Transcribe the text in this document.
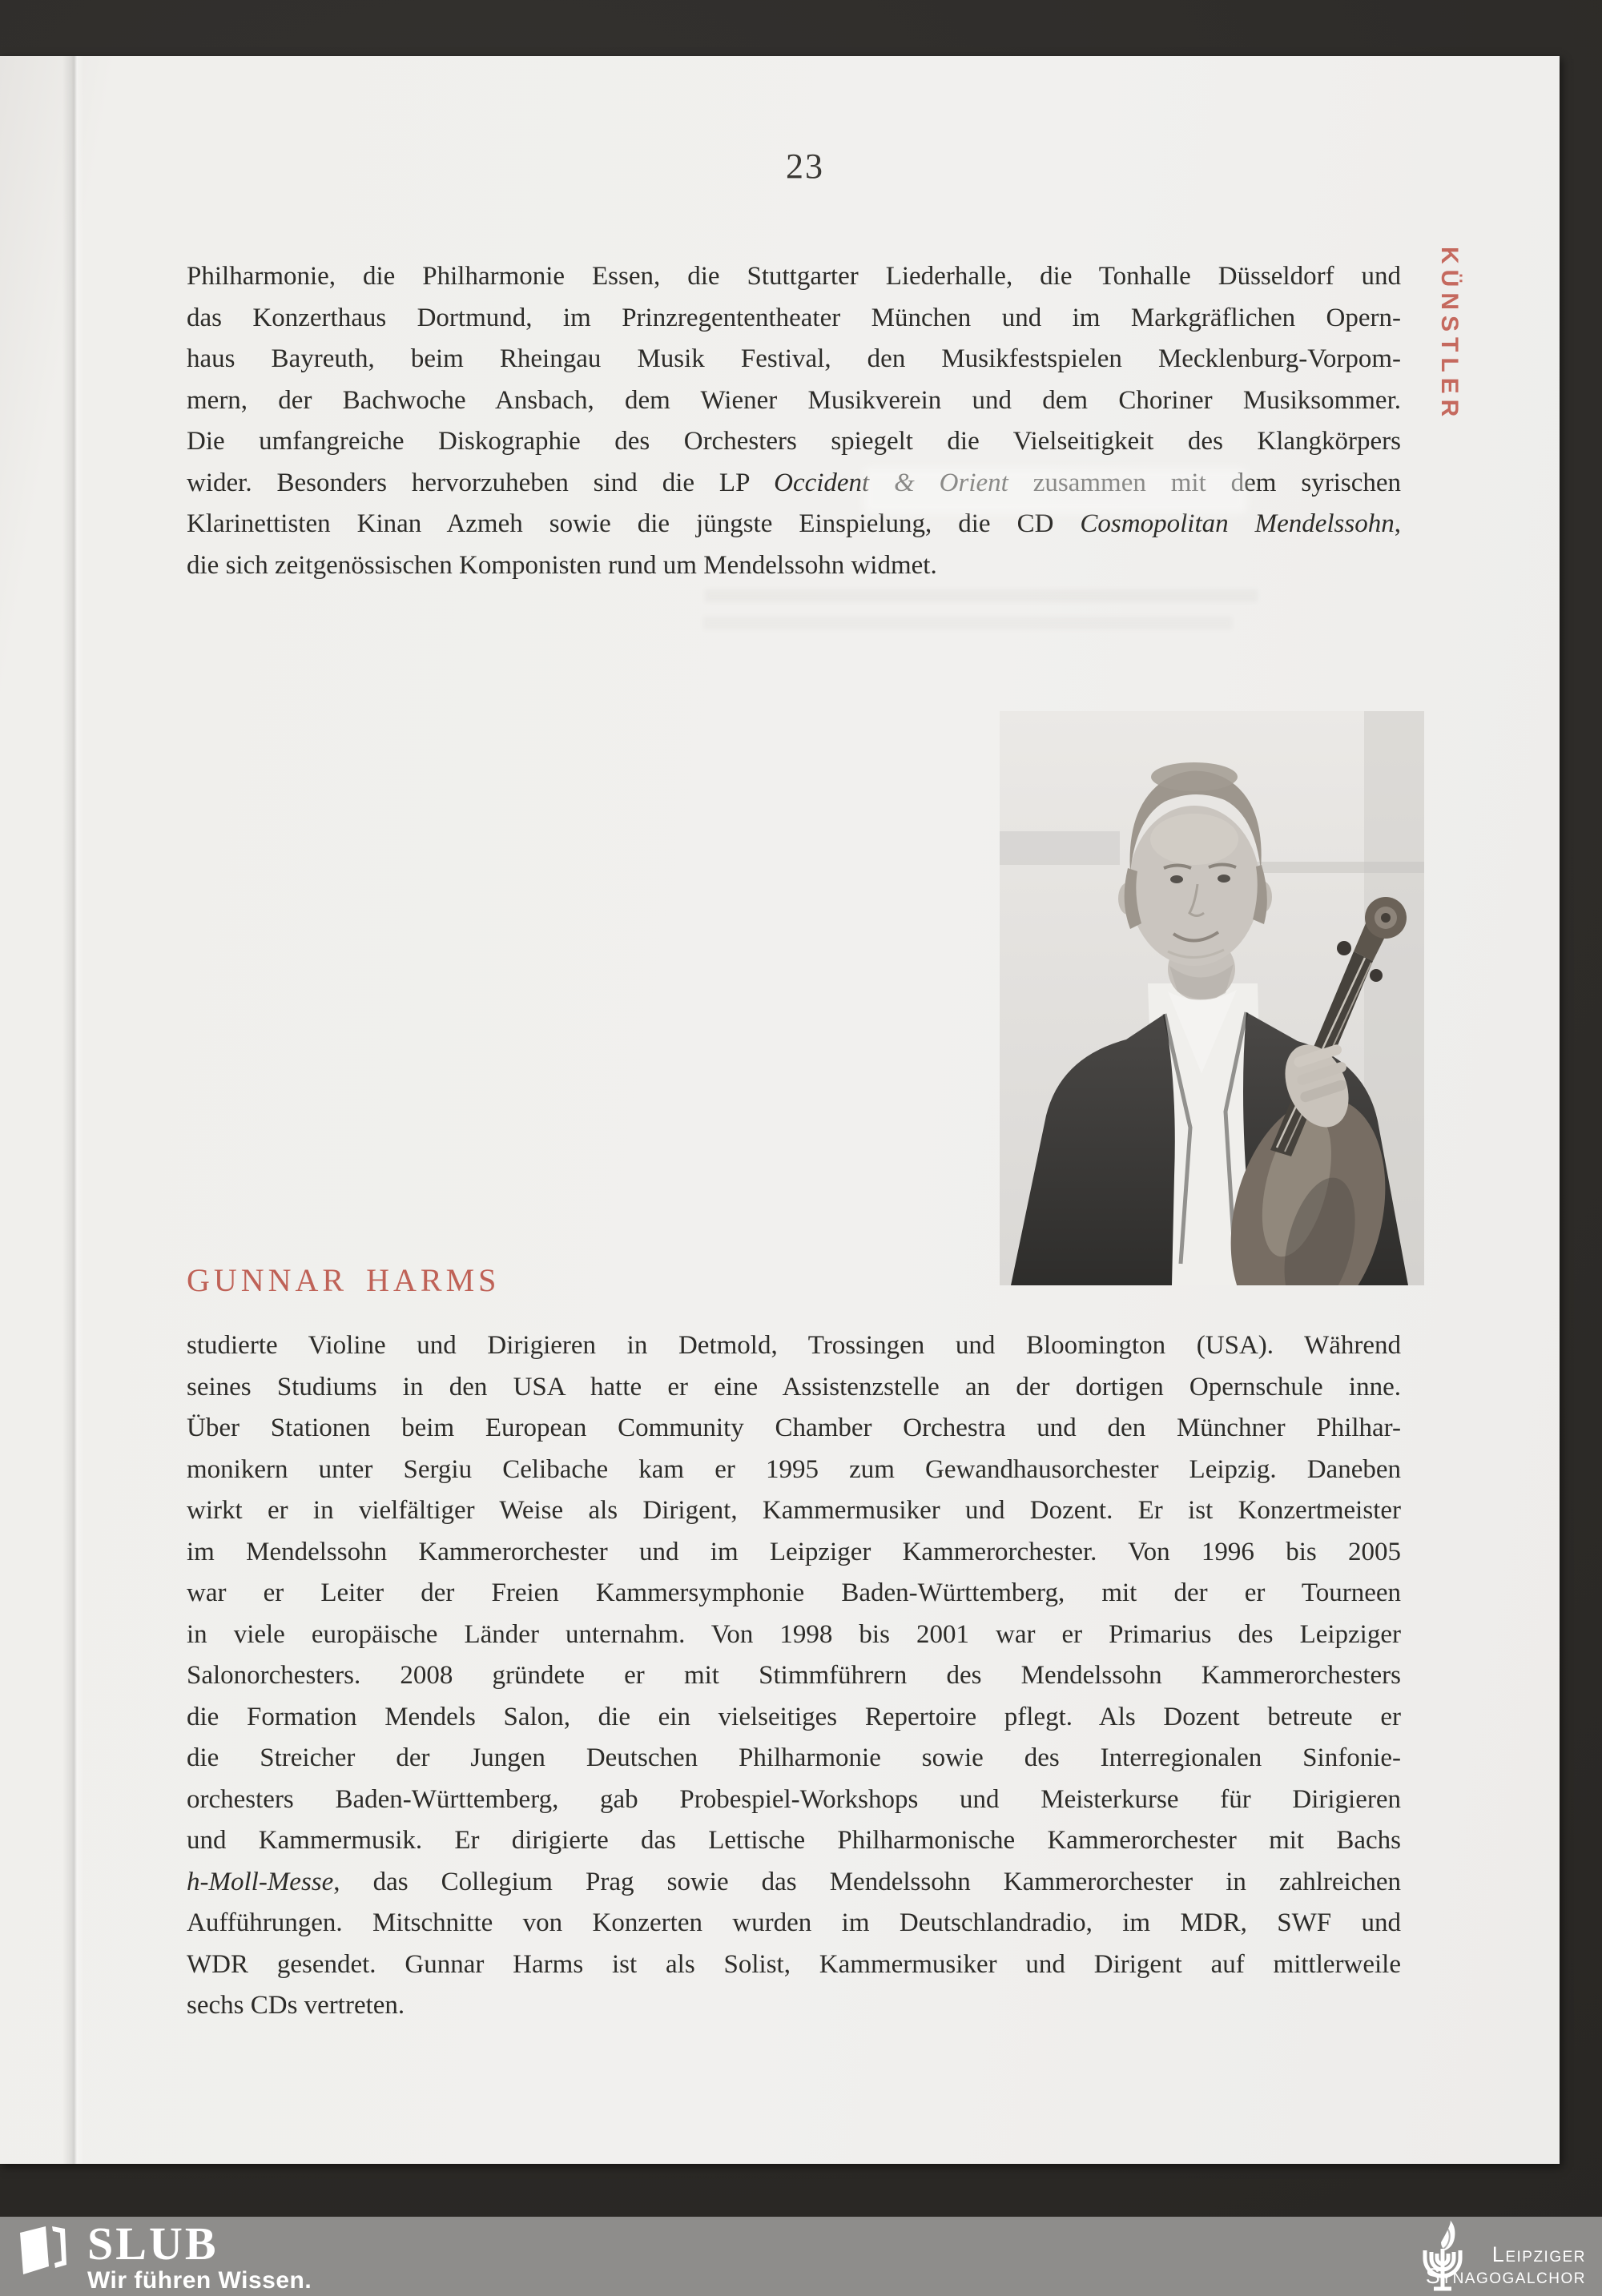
23
KÜNSTLER
Philharmonie, die Philharmonie Essen, die Stuttgarter Liederhalle, die Tonhalle Düsseldorf und
das Konzerthaus Dortmund, im Prinzregententheater München und im Markgräflichen Opern-
haus Bayreuth, beim Rheingau Musik Festival, den Musikfestspielen Mecklenburg-Vorpom-
mern, der Bachwoche Ansbach, dem Wiener Musikverein und dem Choriner Musiksommer.
Die umfangreiche Diskographie des Orchesters spiegelt die Vielseitigkeit des Klangkörpers
wider. Besonders hervorzuheben sind die LP Occident & Orient zusammen mit dem syrischen
Klarinettisten Kinan Azmeh sowie die jüngste Einspielung, die CD Cosmopolitan Mendelssohn,
die sich zeitgenössischen Komponisten rund um Mendelssohn widmet.
GUNNAR HARMS
studierte Violine und Dirigieren in Detmold, Trossingen und Bloomington (USA). Während
seines Studiums in den USA hatte er eine Assistenzstelle an der dortigen Opernschule inne.
Über Stationen beim European Community Chamber Orchestra und den Münchner Philhar-
monikern unter Sergiu Celibache kam er 1995 zum Gewandhausorchester Leipzig. Daneben
wirkt er in vielfältiger Weise als Dirigent, Kammermusiker und Dozent. Er ist Konzertmeister
im Mendelssohn Kammerorchester und im Leipziger Kammerorchester. Von 1996 bis 2005
war er Leiter der Freien Kammersymphonie Baden-Württemberg, mit der er Tourneen
in viele europäische Länder unternahm. Von 1998 bis 2001 war er Primarius des Leipziger
Salonorchesters. 2008 gründete er mit Stimmführern des Mendelssohn Kammerorchesters
die Formation Mendels Salon, die ein vielseitiges Repertoire pflegt. Als Dozent betreute er
die Streicher der Jungen Deutschen Philharmonie sowie des Interregionalen Sinfonie-
orchesters Baden-Württemberg, gab Probespiel-Workshops und Meisterkurse für Dirigieren
und Kammermusik. Er dirigierte das Lettische Philharmonische Kammerorchester mit Bachs
h-Moll-Messe, das Collegium Prag sowie das Mendelssohn Kammerorchester in zahlreichen
Aufführungen. Mitschnitte von Konzerten wurden im Deutschlandradio, im MDR, SWF und
WDR gesendet. Gunnar Harms ist als Solist, Kammermusiker und Dirigent auf mittlerweile
sechs CDs vertreten.
SLUB
Wir führen Wissen.
Leipziger
Synagogalchor
